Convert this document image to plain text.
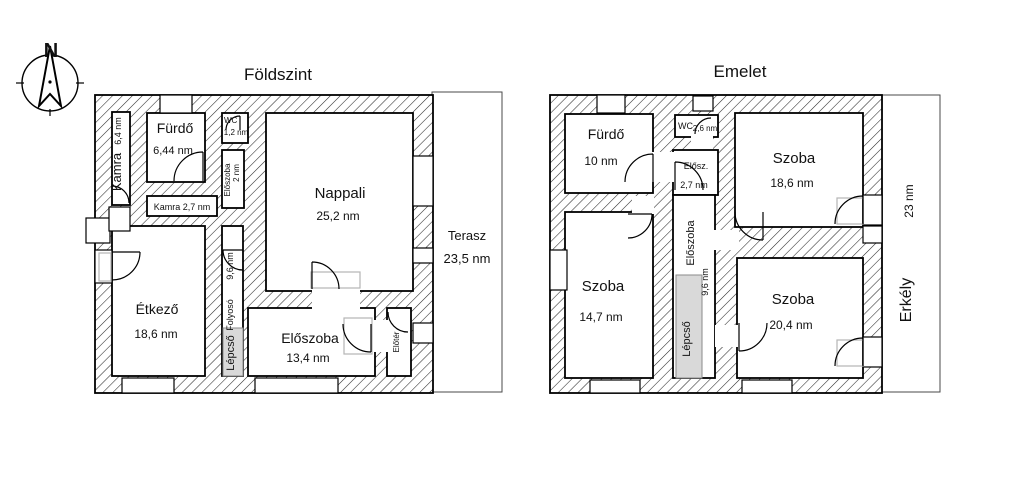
N
Földszint
Kamra
6,4 nm Fürdő
6,44 nm
WC
1,2 nm
Előszoba 2 nm
Kamra 2,7 nm
Nappali
25,2 nm
Étkező
18,6 nm
9,6 nm
Folyosó
Lépcső	Előszoba
13,4 nm
Előtér
Terasz
23,5 nm
Emelet
Fürdő
10 nm
WC 2,6 nm
Elősz.
2,7 nm
Szoba
18,6 nm
Szoba
14,7 nm
Előszoba
9,6 nm
Lépcső
Szoba
20,4 nm
23 nm
Erkély
